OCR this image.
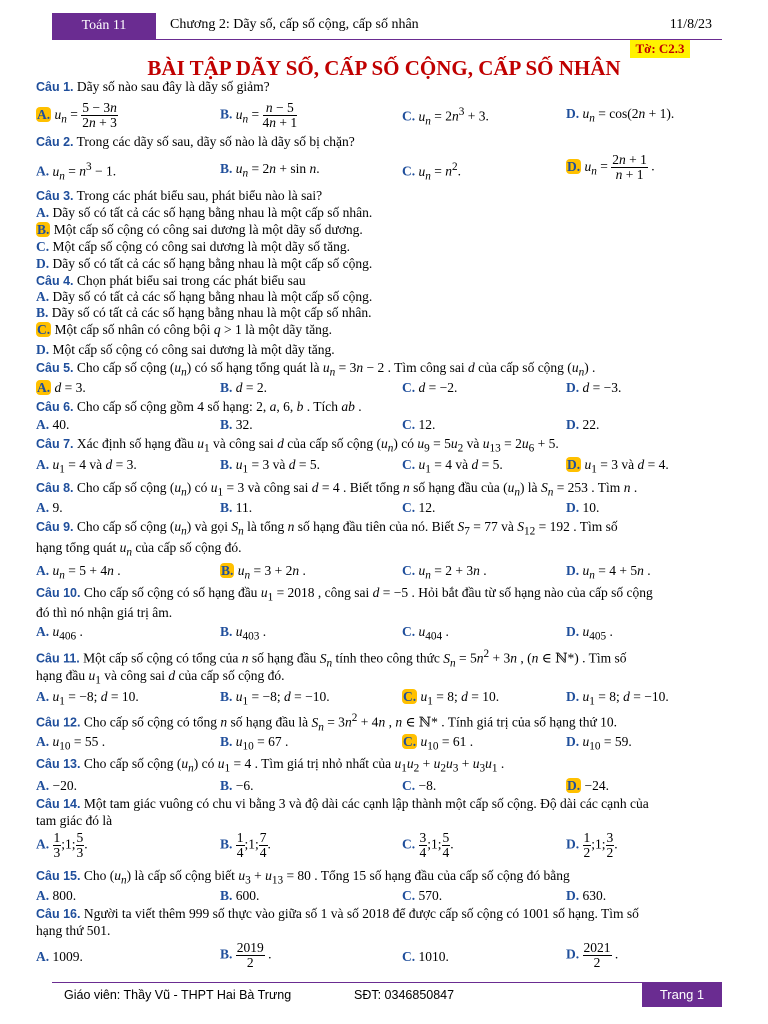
Toán 11	Chương 2: Dãy số, cấp số cộng, cấp số nhân	11/8/23
Tờ: C2.3
BÀI TẬP DÃY SỐ, CẤP SỐ CỘNG, CẤP SỐ NHÂN
Câu 1. Dãy số nào sau đây là dãy số giảm?
A. $u_n = \frac{5 - 3n}{2n + 3}$	B. $u_n = \frac{n - 5}{4n + 1}$	C. $u_n = 2n^3 + 3$.	D. $u_n = \cos(2n + 1)$.
Câu 2. Trong các dãy số sau, dãy số nào là dãy số bị chặn?
A. $u_n = n^3 - 1$.	B. $u_n = 2n + \sin n$.	C. $u_n = n^2$.	D. $u_n = \frac{2n + 1}{n + 1}$ .
Câu 3. Trong các phát biểu sau, phát biểu nào là sai?
A. Dãy số có tất cả các số hạng bằng nhau là một cấp số nhân.
B. Một cấp số cộng có công sai dương là một dãy số dương.
C. Một cấp số cộng có công sai dương là một dãy số tăng.
D. Dãy số có tất cả các số hạng bằng nhau là một cấp số cộng.
Câu 4. Chọn phát biểu sai trong các phát biểu sau
A. Dãy số có tất cả các số hạng bằng nhau là một cấp số cộng.
B. Dãy số có tất cả các số hạng bằng nhau là một cấp số nhân.
C. Một cấp số nhân có công bội q > 1 là một dãy tăng.
D. Một cấp số cộng có công sai dương là một dãy tăng.
Câu 5. Cho cấp số cộng $(u_n)$ có số hạng tổng quát là $u_n = 3n - 2$ . Tìm công sai d của cấp số cộng $(u_n)$ .
A. d = 3.	B. d = 2.	C. d = −2.	D. d = −3.
Câu 6. Cho cấp số cộng gồm 4 số hạng: 2, a, 6, b . Tích ab .
A. 40.	B. 32.	C. 12.	D. 22.
Câu 7. Xác định số hạng đầu $u_1$ và công sai d của cấp số cộng $(u_n)$ có $u_9 = 5u_2$ và $u_{13} = 2u_6 + 5$.
A. $u_1 = 4$ và d = 3.	B. $u_1 = 3$ và d = 5.	C. $u_1 = 4$ và d = 5.	D. $u_1 = 3$ và d = 4.
Câu 8. Cho cấp số cộng $(u_n)$ có $u_1 = 3$ và công sai d = 4 . Biết tổng n số hạng đầu của $(u_n)$ là $S_n = 253$ . Tìm n .
A. 9.	B. 11.	C. 12.	D. 10.
Câu 9. Cho cấp số cộng $(u_n)$ và gọi $S_n$ là tổng n số hạng đầu tiên của nó. Biết $S_7 = 77$ và $S_{12} = 192$ . Tìm số
hạng tổng quát $u_n$ của cấp số cộng đó.
A. $u_n = 5 + 4n$ .	B. $u_n = 3 + 2n$ .	C. $u_n = 2 + 3n$ .	D. $u_n = 4 + 5n$ .
Câu 10. Cho cấp số cộng có số hạng đầu $u_1 = 2018$ , công sai d = −5 . Hỏi bắt đầu từ số hạng nào của cấp số cộng
đó thì nó nhận giá trị âm.
A. $u_{406}$ .	B. $u_{403}$ .	C. $u_{404}$ .	D. $u_{405}$ .
Câu 11. Một cấp số cộng có tổng của n số hạng đầu $S_n$ tính theo công thức $S_n = 5n^2 + 3n$ , (n ∈ ℕ*) . Tìm số
hạng đầu $u_1$ và công sai d của cấp số cộng đó.
A. $u_1 = -8$; d = 10.	B. $u_1 = -8$; d = −10.	C. $u_1 = 8$; d = 10.	D. $u_1 = 8$; d = −10.
Câu 12. Cho cấp số cộng có tổng n số hạng đầu là $S_n = 3n^2 + 4n$ , n ∈ ℕ* . Tính giá trị của số hạng thứ 10.
A. $u_{10} = 55$ .	B. $u_{10} = 67$ .	C. $u_{10} = 61$ .	D. $u_{10} = 59$.
Câu 13. Cho cấp số cộng $(u_n)$ có $u_1 = 4$ . Tìm giá trị nhỏ nhất của $u_1u_2 + u_2u_3 + u_3u_1$ .
A. −20.	B. −6.	C. −8.	D. −24.
Câu 14. Một tam giác vuông có chu vi bằng 3 và độ dài các cạnh lập thành một cấp số cộng. Độ dài các cạnh của
tam giác đó là
A. $\frac{1}{3}$ ;1; $\frac{5}{3}$ .	B. $\frac{1}{4}$ ;1; $\frac{7}{4}$ .	C. $\frac{3}{4}$ ;1; $\frac{5}{4}$ .	D. $\frac{1}{2}$ ;1; $\frac{3}{2}$ .
Câu 15. Cho $(u_n)$ là cấp số cộng biết $u_3 + u_{13} = 80$ . Tổng 15 số hạng đầu của cấp số cộng đó bằng
A. 800.	B. 600.	C. 570.	D. 630.
Câu 16. Người ta viết thêm 999 số thực vào giữa số 1 và số 2018 để được cấp số cộng có 1001 số hạng. Tìm số
hạng thứ 501.
A. 1009.	B. $\frac{2019}{2}$ .	C. 1010.	D. $\frac{2021}{2}$ .
Giáo viên: Thầy Vũ - THPT Hai Bà Trưng	SĐT: 0346850847	Trang 1
